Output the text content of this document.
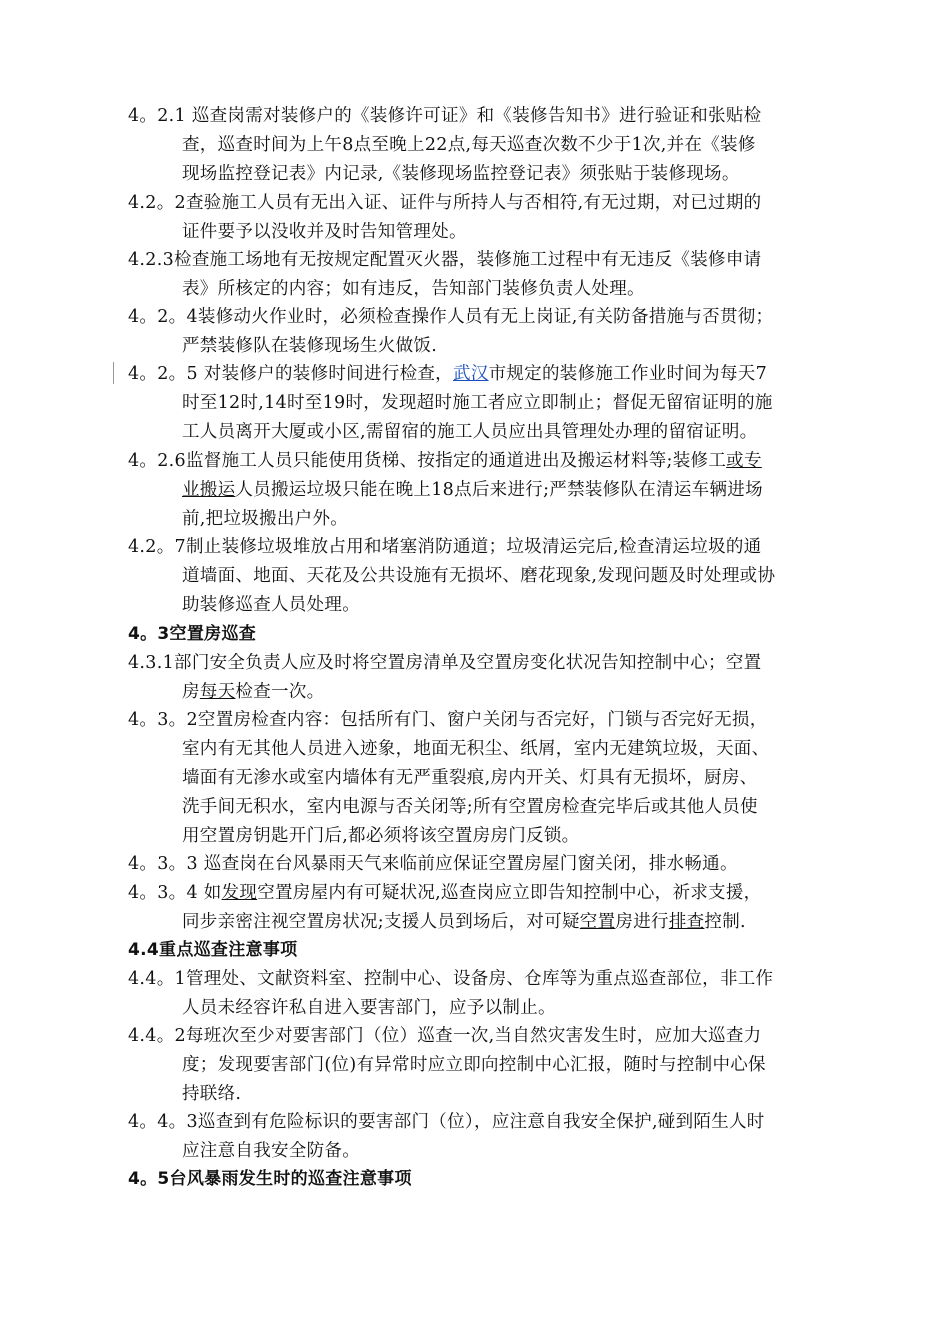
4。2.1 巡查岗需对装修户的《装修许可证》和《装修告知书》进行验证和张贴检
查，巡查时间为上午8点至晚上22点,每天巡查次数不少于1次,并在《装修
现场监控登记表》内记录,《装修现场监控登记表》须张贴于装修现场。
4.2。2查验施工人员有无出入证、证件与所持人与否相符,有无过期，对已过期的
证件要予以没收并及时告知管理处。
4.2.3检查施工场地有无按规定配置灭火器，装修施工过程中有无违反《装修申请
表》所核定的内容；如有违反，告知部门装修负责人处理。
4。2。4装修动火作业时，必须检查操作人员有无上岗证,有关防备措施与否贯彻；
严禁装修队在装修现场生火做饭.
4。2。5 对装修户的装修时间进行检查，武汉市规定的装修施工作业时间为每天7
时至12时,14时至19时，发现超时施工者应立即制止；督促无留宿证明的施
工人员离开大厦或小区,需留宿的施工人员应出具管理处办理的留宿证明。
4。2.6监督施工人员只能使用货梯、按指定的通道进出及搬运材料等;装修工或专
业搬运人员搬运垃圾只能在晚上18点后来进行;严禁装修队在清运车辆进场
前,把垃圾搬出户外。
4.2。7制止装修垃圾堆放占用和堵塞消防通道；垃圾清运完后,检查清运垃圾的通
道墙面、地面、天花及公共设施有无损坏、磨花现象,发现问题及时处理或协
助装修巡查人员处理。
4。3空置房巡查
4.3.1部门安全负责人应及时将空置房清单及空置房变化状况告知控制中心；空置
房每天检查一次。
4。3。2空置房检查内容：包括所有门、窗户关闭与否完好，门锁与否完好无损，
室内有无其他人员进入迹象，地面无积尘、纸屑，室内无建筑垃圾，天面、
墙面有无渗水或室内墙体有无严重裂痕,房内开关、灯具有无损坏，厨房、
洗手间无积水，室内电源与否关闭等;所有空置房检查完毕后或其他人员使
用空置房钥匙开门后,都必须将该空置房房门反锁。
4。3。3 巡查岗在台风暴雨天气来临前应保证空置房屋门窗关闭，排水畅通。
4。3。4 如发现空置房屋内有可疑状况,巡查岗应立即告知控制中心，祈求支援，
同步亲密注视空置房状况;支援人员到场后，对可疑空置房进行排查控制.
4.4重点巡查注意事项
4.4。1管理处、文献资料室、控制中心、设备房、仓库等为重点巡查部位，非工作
人员未经容许私自进入要害部门，应予以制止。
4.4。2每班次至少对要害部门（位）巡查一次,当自然灾害发生时，应加大巡查力
度；发现要害部门(位)有异常时应立即向控制中心汇报，随时与控制中心保
持联络.
4。4。3巡查到有危险标识的要害部门（位），应注意自我安全保护,碰到陌生人时
应注意自我安全防备。
4。5台风暴雨发生时的巡查注意事项
